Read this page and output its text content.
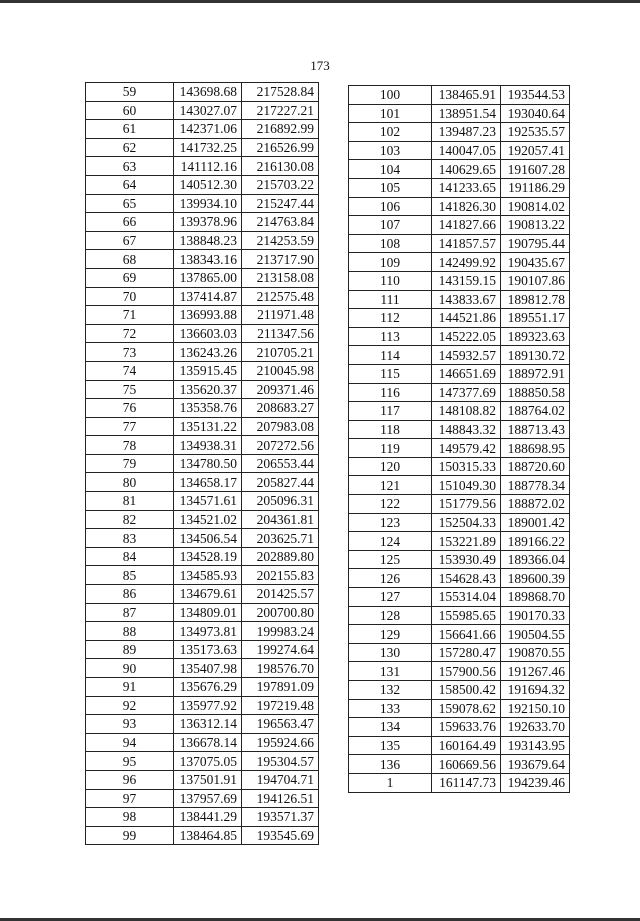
173
59	143698.68	217528.84
60	143027.07	217227.21
61	142371.06	216892.99
62	141732.25	216526.99
63	141112.16	216130.08
64	140512.30	215703.22
65	139934.10	215247.44
66	139378.96	214763.84
67	138848.23	214253.59
68	138343.16	213717.90
69	137865.00	213158.08
70	137414.87	212575.48
71	136993.88	211971.48
72	136603.03	211347.56
73	136243.26	210705.21
74	135915.45	210045.98
75	135620.37	209371.46
76	135358.76	208683.27
77	135131.22	207983.08
78	134938.31	207272.56
79	134780.50	206553.44
80	134658.17	205827.44
81	134571.61	205096.31
82	134521.02	204361.81
83	134506.54	203625.71
84	134528.19	202889.80
85	134585.93	202155.83
86	134679.61	201425.57
87	134809.01	200700.80
88	134973.81	199983.24
89	135173.63	199274.64
90	135407.98	198576.70
91	135676.29	197891.09
92	135977.92	197219.48
93	136312.14	196563.47
94	136678.14	195924.66
95	137075.05	195304.57
96	137501.91	194704.71
97	137957.69	194126.51
98	138441.29	193571.37
99	138464.85	193545.69
100	138465.91	193544.53
101	138951.54	193040.64
102	139487.23	192535.57
103	140047.05	192057.41
104	140629.65	191607.28
105	141233.65	191186.29
106	141826.30	190814.02
107	141827.66	190813.22
108	141857.57	190795.44
109	142499.92	190435.67
110	143159.15	190107.86
111	143833.67	189812.78
112	144521.86	189551.17
113	145222.05	189323.63
114	145932.57	189130.72
115	146651.69	188972.91
116	147377.69	188850.58
117	148108.82	188764.02
118	148843.32	188713.43
119	149579.42	188698.95
120	150315.33	188720.60
121	151049.30	188778.34
122	151779.56	188872.02
123	152504.33	189001.42
124	153221.89	189166.22
125	153930.49	189366.04
126	154628.43	189600.39
127	155314.04	189868.70
128	155985.65	190170.33
129	156641.66	190504.55
130	157280.47	190870.55
131	157900.56	191267.46
132	158500.42	191694.32
133	159078.62	192150.10
134	159633.76	192633.70
135	160164.49	193143.95
136	160669.56	193679.64
1	161147.73	194239.46
